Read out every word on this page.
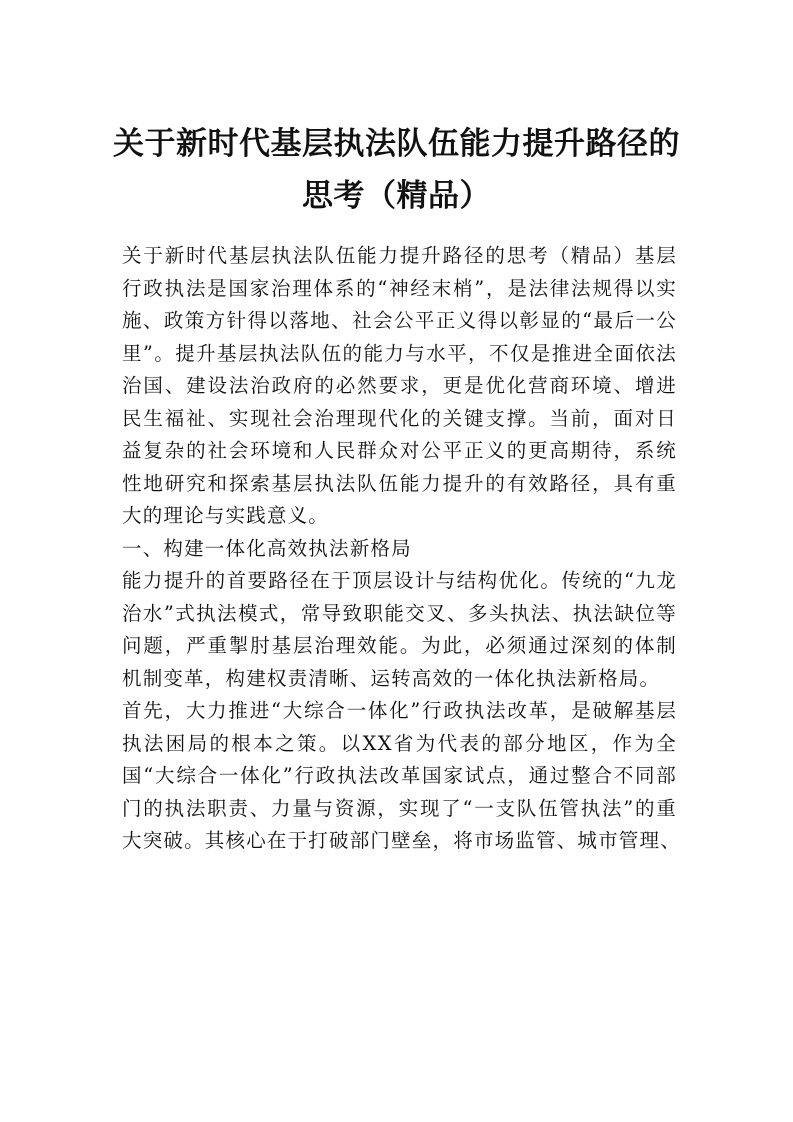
关于新时代基层执法队伍能力提升路径的
思考（精品）
关于新时代基层执法队伍能力提升路径的思考（精品）基层
行政执法是国家治理体系的“神经末梢”，是法律法规得以实
施、政策方针得以落地、社会公平正义得以彰显的“最后一公
里”。提升基层执法队伍的能力与水平，不仅是推进全面依法
治国、建设法治政府的必然要求，更是优化营商环境、增进
民生福祉、实现社会治理现代化的关键支撑。当前，面对日
益复杂的社会环境和人民群众对公平正义的更高期待，系统
性地研究和探索基层执法队伍能力提升的有效路径，具有重
大的理论与实践意义。
一、构建一体化高效执法新格局
能力提升的首要路径在于顶层设计与结构优化。传统的“九龙
治水”式执法模式，常导致职能交叉、多头执法、执法缺位等
问题，严重掣肘基层治理效能。为此，必须通过深刻的体制
机制变革，构建权责清晰、运转高效的一体化执法新格局。
首先，大力推进“大综合一体化”行政执法改革，是破解基层
执法困局的根本之策。以XX省为代表的部分地区，作为全
国“大综合一体化”行政执法改革国家试点，通过整合不同部
门的执法职责、力量与资源，实现了“一支队伍管执法”的重
大突破。其核心在于打破部门壁垒，将市场监管、城市管理、
